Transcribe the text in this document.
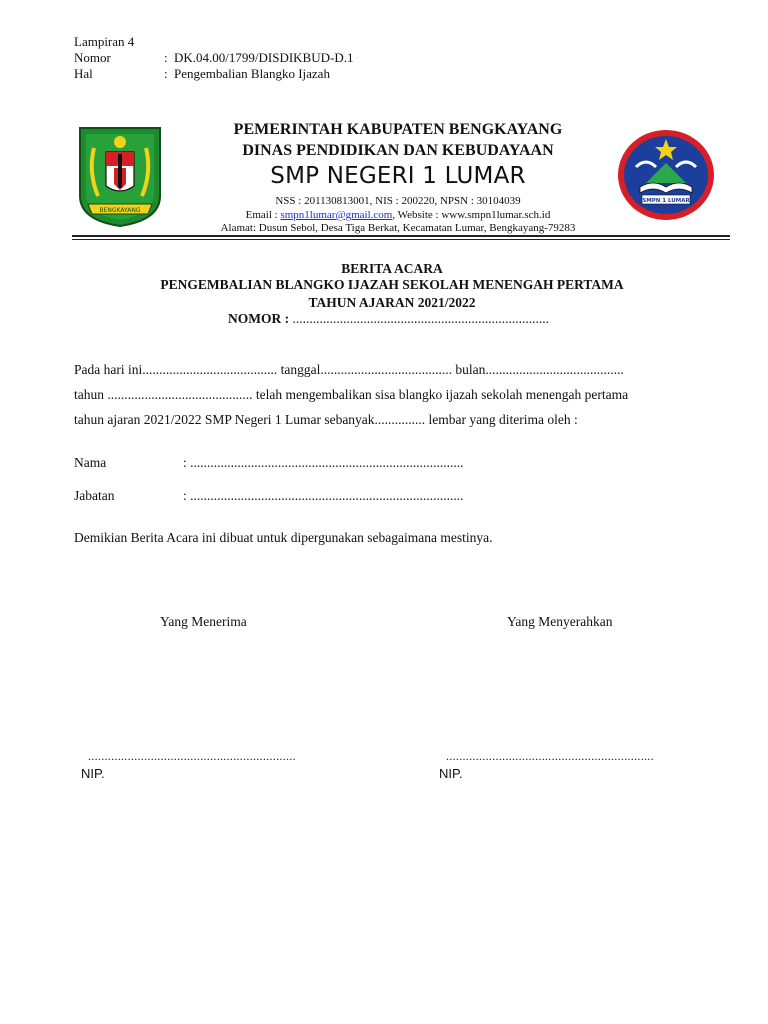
Lampiran 4
Nomor	: DK.04.00/1799/DISDIKBUD-D.1
Hal	: Pengembalian Blangko Ijazah
BENGKAYANG
PEMERINTAH KABUPATEN BENGKAYANG
DINAS PENDIDIKAN DAN KEBUDAYAAN
SMP NEGERI 1 LUMAR
NSS : 201130813001, NIS : 200220, NPSN : 30104039
Email : smpn1lumar@gmail.com, Website : www.smpn1lumar.sch.id
Alamat: Dusun Sebol, Desa Tiga Berkat, Kecamatan Lumar, Bengkayang-79283
SMPN 1 LUMAR
BERITA ACARA
PENGEMBALIAN BLANGKO IJAZAH SEKOLAH MENENGAH PERTAMA
TAHUN AJARAN 2021/2022
NOMOR : ............................................................................
Pada hari ini........................................ tanggal....................................... bulan.........................................
tahun ........................................... telah mengembalikan sisa blangko ijazah sekolah menengah pertama
tahun ajaran 2021/2022 SMP Negeri 1 Lumar sebanyak............... lembar yang diterima oleh :
Nama	: .................................................................................
Jabatan	: .................................................................................
Demikian Berita Acara ini dibuat untuk dipergunakan sebagaimana mestinya.
Yang Menerima	Yang Menyerahkan
...............................................................	...............................................................
NIP.	NIP.
